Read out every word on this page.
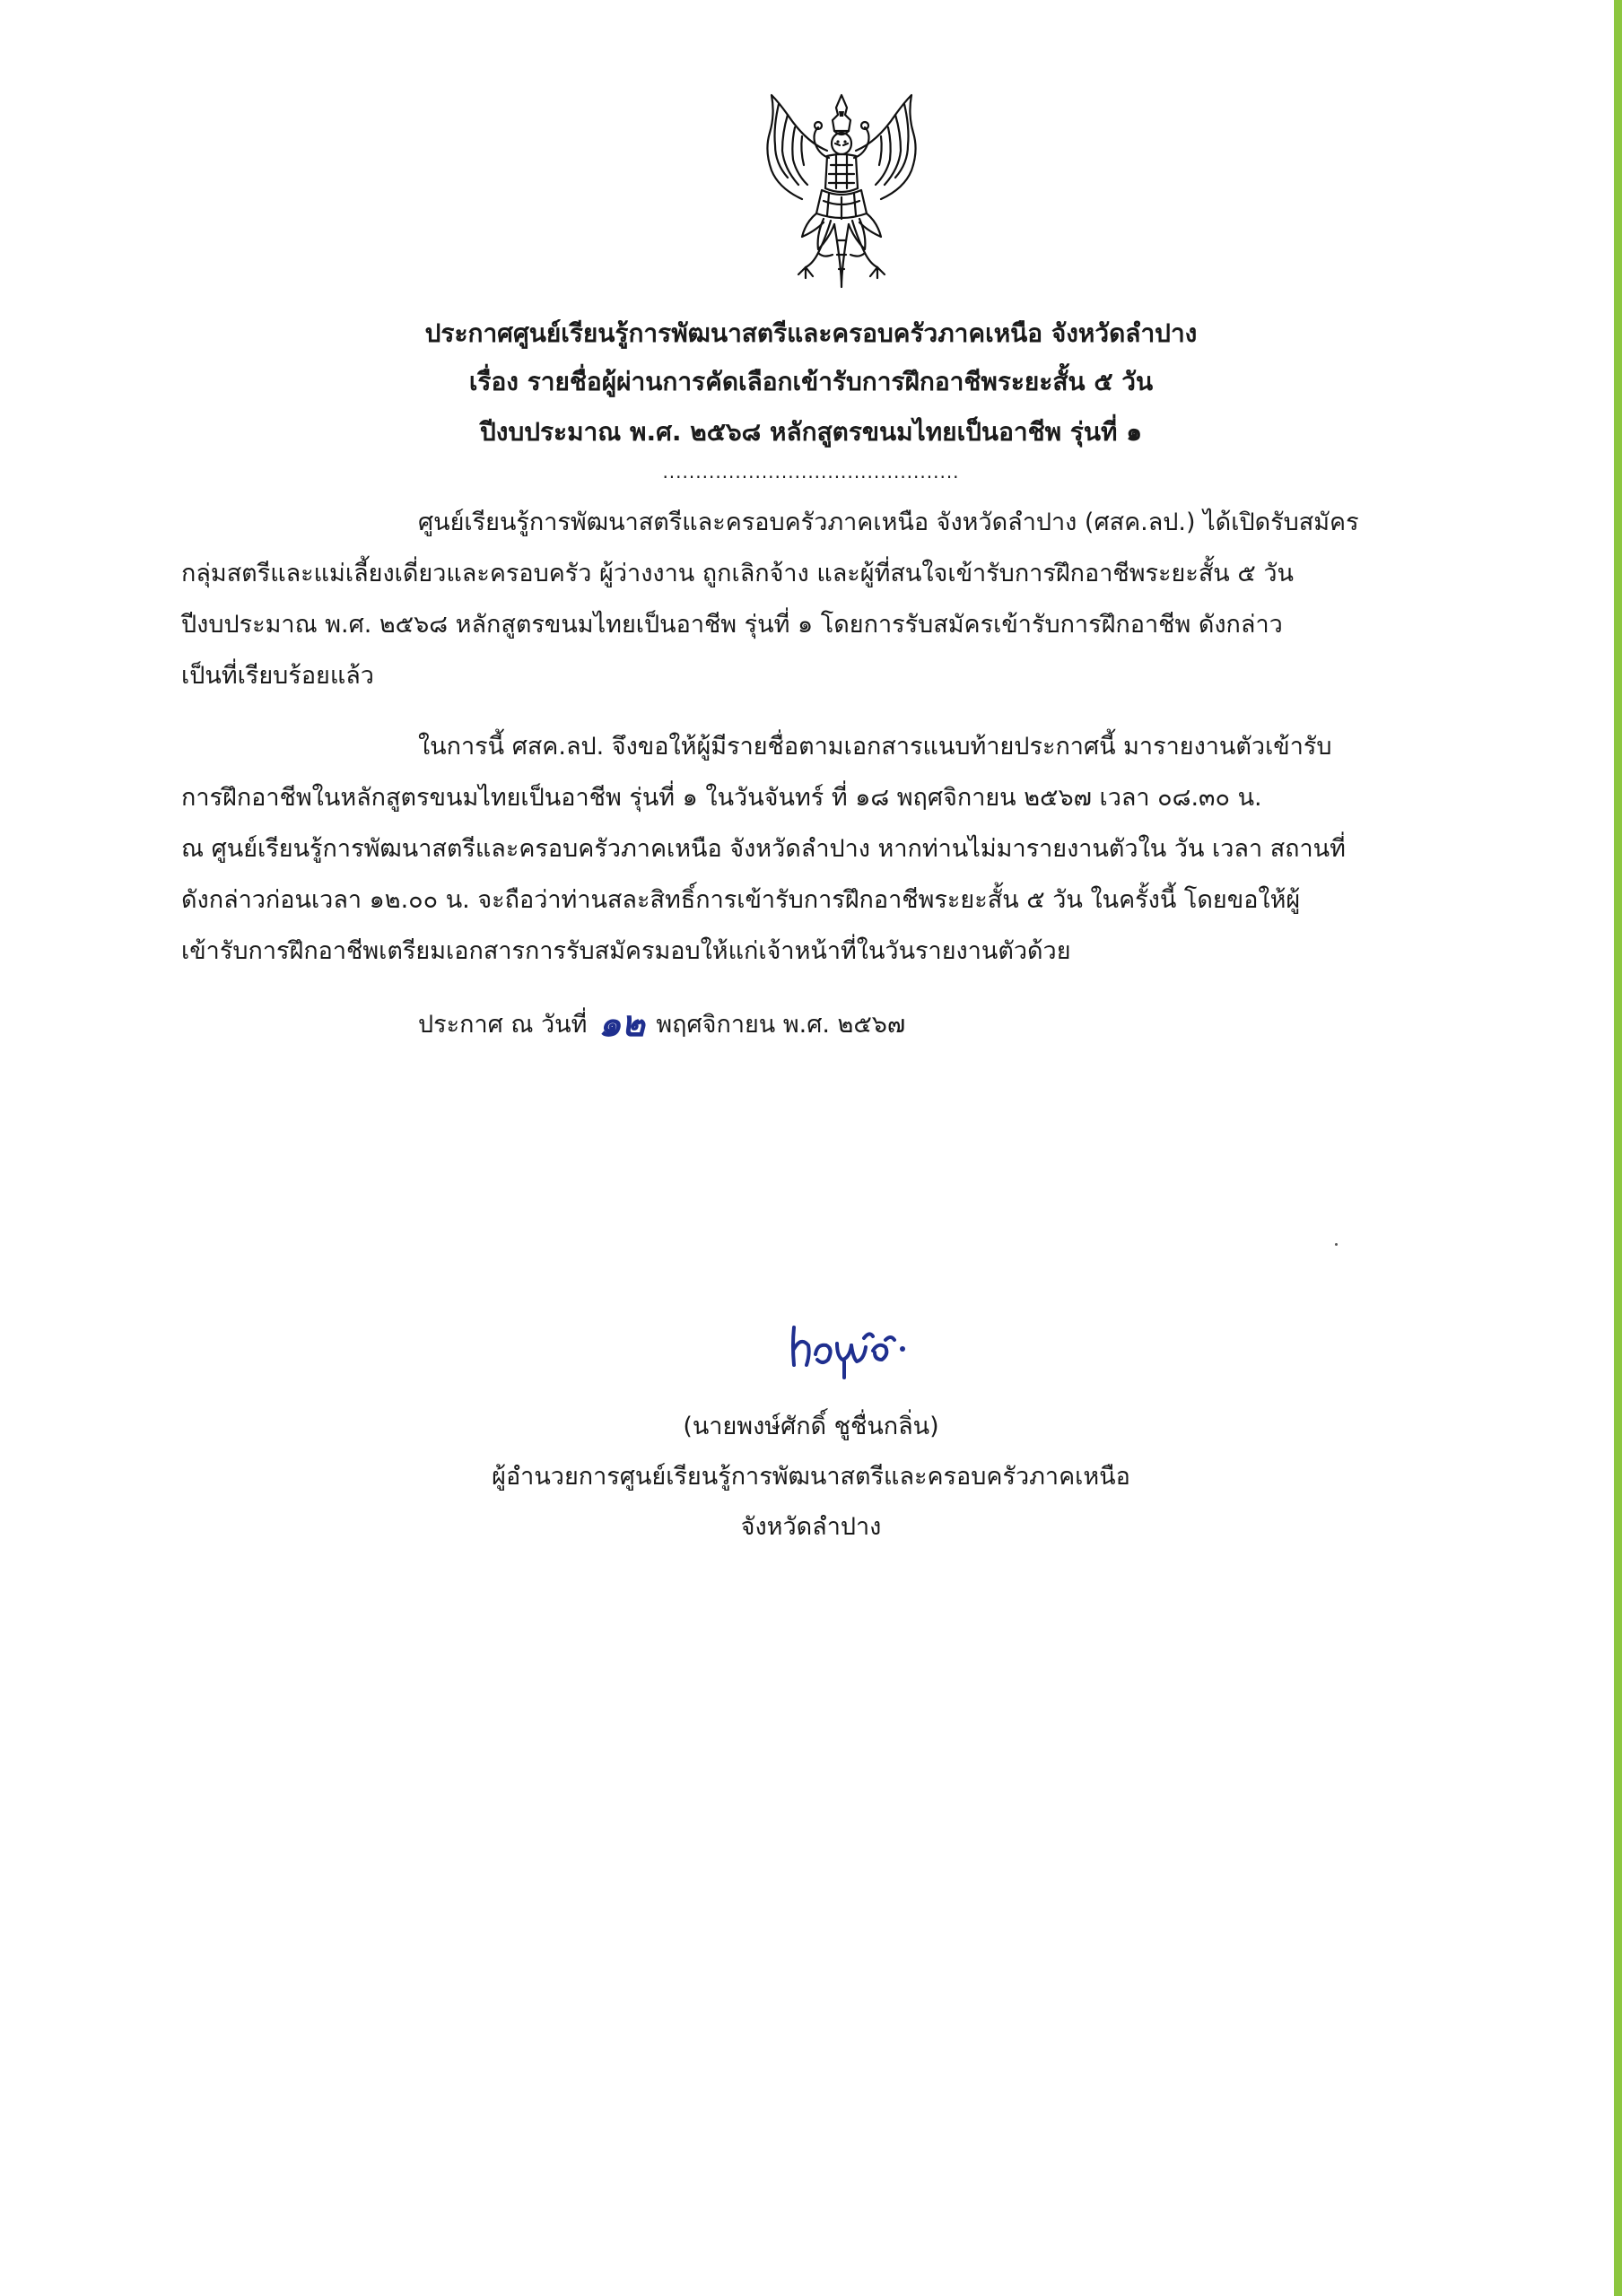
ประกาศศูนย์เรียนรู้การพัฒนาสตรีและครอบครัวภาคเหนือ จังหวัดลำปาง
เรื่อง รายชื่อผู้ผ่านการคัดเลือกเข้ารับการฝึกอาชีพระยะสั้น ๕ วัน
ปีงบประมาณ พ.ศ. ๒๕๖๘ หลักสูตรขนมไทยเป็นอาชีพ รุ่นที่ ๑
.............................................
ศูนย์เรียนรู้การพัฒนาสตรีและครอบครัวภาคเหนือ จังหวัดลำปาง (ศสค.ลป.) ได้เปิดรับสมัคร
กลุ่มสตรีและแม่เลี้ยงเดี่ยวและครอบครัว ผู้ว่างงาน ถูกเลิกจ้าง และผู้ที่สนใจเข้ารับการฝึกอาชีพระยะสั้น ๕ วัน
ปีงบประมาณ พ.ศ. ๒๕๖๘ หลักสูตรขนมไทยเป็นอาชีพ รุ่นที่ ๑ โดยการรับสมัครเข้ารับการฝึกอาชีพ ดังกล่าว
เป็นที่เรียบร้อยแล้ว
ในการนี้ ศสค.ลป. จึงขอให้ผู้มีรายชื่อตามเอกสารแนบท้ายประกาศนี้ มารายงานตัวเข้ารับ
การฝึกอาชีพในหลักสูตรขนมไทยเป็นอาชีพ รุ่นที่ ๑ ในวันจันทร์ ที่ ๑๘ พฤศจิกายน ๒๕๖๗ เวลา ๐๘.๓๐ น.
ณ ศูนย์เรียนรู้การพัฒนาสตรีและครอบครัวภาคเหนือ จังหวัดลำปาง หากท่านไม่มารายงานตัวใน วัน เวลา สถานที่
ดังกล่าวก่อนเวลา ๑๒.๐๐ น. จะถือว่าท่านสละสิทธิ์การเข้ารับการฝึกอาชีพระยะสั้น ๕ วัน ในครั้งนี้ โดยขอให้ผู้
เข้ารับการฝึกอาชีพเตรียมเอกสารการรับสมัครมอบให้แก่เจ้าหน้าที่ในวันรายงานตัวด้วย
ประกาศ ณ วันที่ ๑๒ พฤศจิกายน พ.ศ. ๒๕๖๗
(นายพงษ์ศักดิ์ ชูชื่นกลิ่น)
ผู้อำนวยการศูนย์เรียนรู้การพัฒนาสตรีและครอบครัวภาคเหนือ
จังหวัดลำปาง
